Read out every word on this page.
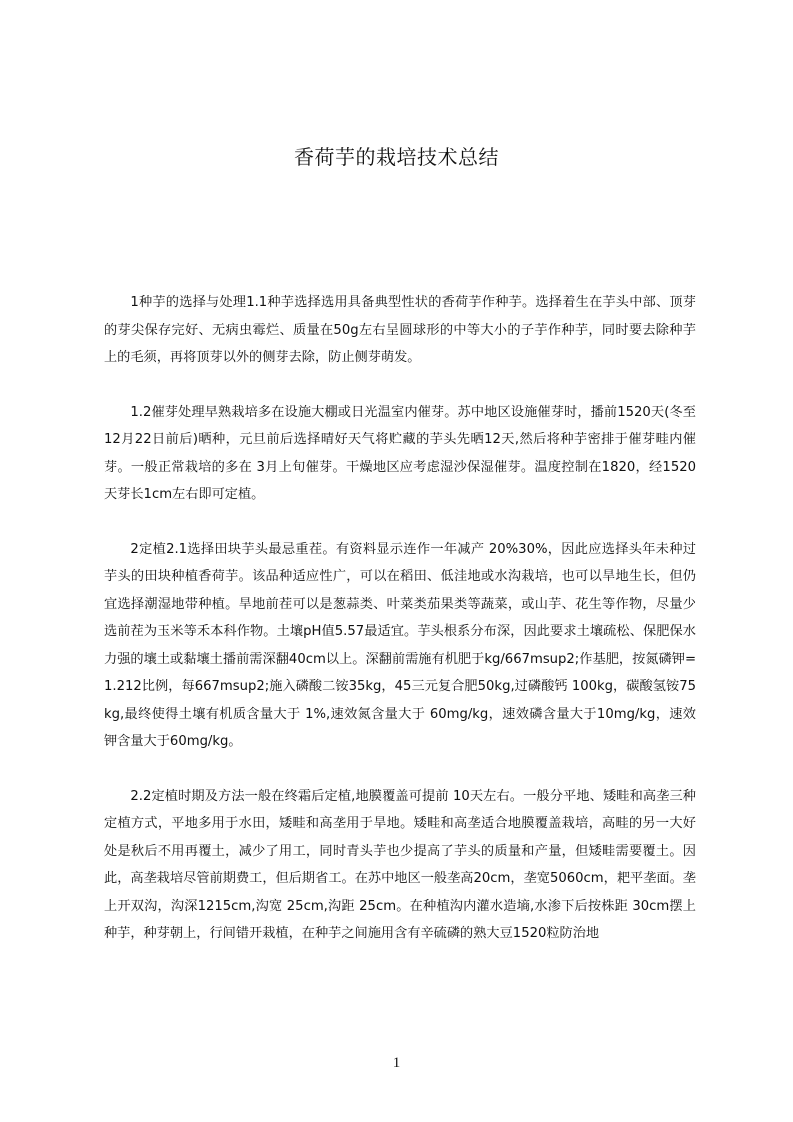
香荷芋的栽培技术总结

1种芋的选择与处理1.1种芋选择选用具备典型性状的香荷芋作种芋。选择着生在芋头中部、顶芽的芽尖保存完好、无病虫霉烂、质量在50g左右呈圆球形的中等大小的子芋作种芋，同时要去除种芋上的毛须，再将顶芽以外的侧芽去除，防止侧芽萌发。

1.2催芽处理早熟栽培多在设施大棚或日光温室内催芽。苏中地区设施催芽时，播前1520天(冬至 12月22日前后)晒种，元旦前后选择晴好天气将贮藏的芋头先晒12天,然后将种芋密排于催芽畦内催芽。一般正常栽培的多在 3月上旬催芽。干燥地区应考虑湿沙保湿催芽。温度控制在1820，经1520天芽长1cm左右即可定植。

2定植2.1选择田块芋头最忌重茬。有资料显示连作一年减产 20%30%，因此应选择头年未种过芋头的田块种植香荷芋。该品种适应性广，可以在稻田、低洼地或水沟栽培，也可以旱地生长，但仍宜选择潮湿地带种植。旱地前茬可以是葱蒜类、叶菜类茄果类等蔬菜，或山芋、花生等作物，尽量少选前茬为玉米等禾本科作物。土壤pH值5.57最适宜。芋头根系分布深，因此要求土壤疏松、保肥保水力强的壤土或黏壤土播前需深翻40cm以上。深翻前需施有机肥于kg/667msup2;作基肥，按氮磷钾=1.212比例，每667msup2;施入磷酸二铵35kg，45三元复合肥50kg,过磷酸钙 100kg，碳酸氢铵75kg,最终使得土壤有机质含量大于 1%,速效氮含量大于 60mg/kg，速效磷含量大于10mg/kg，速效钾含量大于60mg/kg。

2.2定植时期及方法一般在终霜后定植,地膜覆盖可提前 10天左右。一般分平地、矮畦和高垄三种定植方式，平地多用于水田，矮畦和高垄用于旱地。矮畦和高垄适合地膜覆盖栽培，高畦的另一大好处是秋后不用再覆土，减少了用工，同时青头芋也少提高了芋头的质量和产量，但矮畦需要覆土。因此，高垄栽培尽管前期费工，但后期省工。在苏中地区一般垄高20cm，垄宽5060cm，耙平垄面。垄上开双沟，沟深1215cm,沟宽 25cm,沟距 25cm。在种植沟内灌水造墒,水渗下后按株距 30cm摆上种芋，种芽朝上，行间错开栽植，在种芋之间施用含有辛硫磷的熟大豆1520粒防治地

1
